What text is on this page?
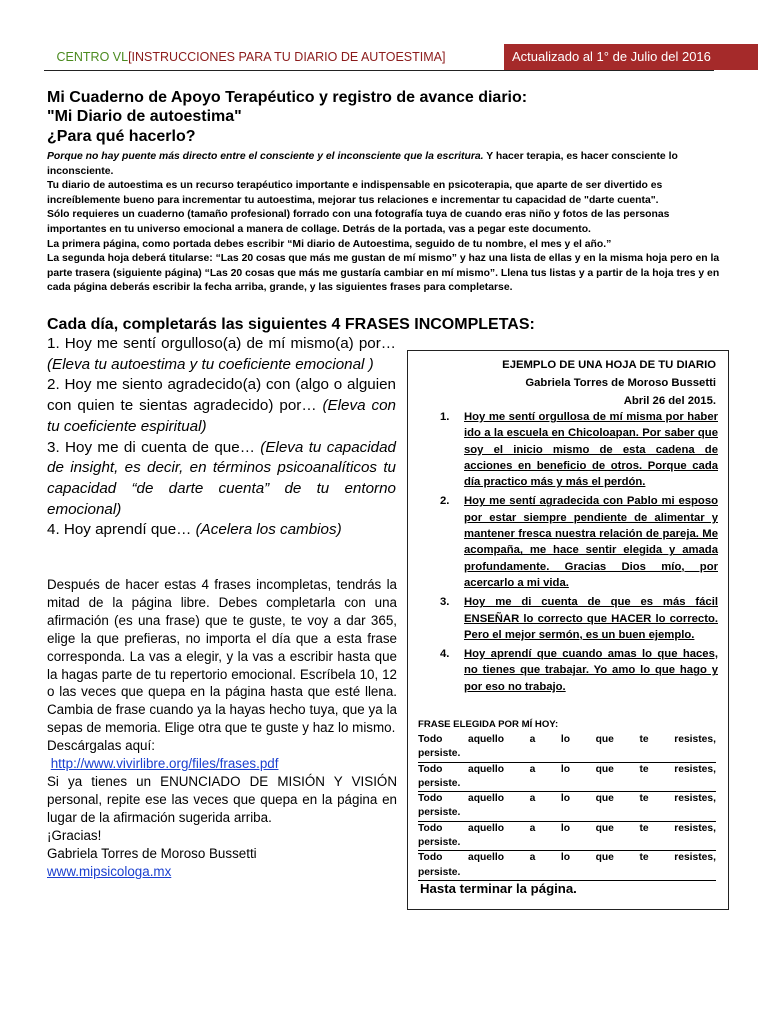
CENTRO VL[INSTRUCCIONES PARA TU DIARIO DE AUTOESTIMA]	Actualizado al 1° de Julio del 2016
Mi Cuaderno de Apoyo Terapéutico y registro de avance diario:
"Mi Diario de autoestima"
¿Para qué hacerlo?

Porque no hay puente más directo entre el consciente y el inconsciente que la escritura. Y hacer terapia, es hacer consciente lo inconsciente.

Tu diario de autoestima es un recurso terapéutico importante e indispensable en psicoterapia, que aparte de ser divertido es increíblemente bueno para incrementar tu autoestima, mejorar tus relaciones e incrementar tu capacidad de "darte cuenta".

Sólo requieres un cuaderno (tamaño profesional) forrado con una fotografía tuya de cuando eras niño y fotos de las personas importantes en tu universo emocional a manera de collage. Detrás de la portada, vas a pegar este documento.

La primera página, como portada debes escribir “Mi diario de Autoestima, seguido de tu nombre, el mes y el año.”

La segunda hoja deberá titularse: “Las 20 cosas que más me gustan de mí mismo” y haz una lista de ellas y en la misma hoja pero en la parte trasera (siguiente página) “Las 20 cosas que más me gustaría cambiar en mí mismo”. Llena tus listas y a partir de la hoja tres y en cada página deberás escribir la fecha arriba, grande, y las siguientes frases para completarse.

Cada día, completarás las siguientes 4 FRASES INCOMPLETAS:

1. Hoy me sentí orgulloso(a) de mí mismo(a) por… (Eleva tu autoestima y tu coeficiente emocional )

2. Hoy me siento agradecido(a) con (algo o alguien con quien te sientas agradecido) por… (Eleva con tu coeficiente espiritual)

3. Hoy me di cuenta de que… (Eleva tu capacidad de insight, es decir, en términos psicoanalíticos tu capacidad “de darte cuenta” de tu entorno emocional)

4. Hoy aprendí que… (Acelera los cambios)

Después de hacer estas 4 frases incompletas, tendrás la mitad de la página libre. Debes completarla con una afirmación (es una frase) que te guste, te voy a dar 365, elige la que prefieras, no importa el día que a esta frase corresponda. La vas a elegir, y la vas a escribir hasta que la hagas parte de tu repertorio emocional. Escríbela 10, 12 o las veces que quepa en la página hasta que esté llena. Cambia de frase cuando ya la hayas hecho tuya, que ya la sepas de memoria. Elige otra que te guste y haz lo mismo.

Descárgalas aquí:

http://www.vivirlibre.org/files/frases.pdf

Si ya tienes un ENUNCIADO DE MISIÓN Y VISIÓN personal, repite ese las veces que quepa en la página en lugar de la afirmación sugerida arriba.

¡Gracias!

Gabriela Torres de Moroso Bussetti

www.mipsicologa.mx

EJEMPLO DE UNA HOJA DE TU DIARIO
Gabriela Torres de Moroso Bussetti
Abril 26 del 2015.
1. Hoy me sentí orgullosa de mí misma por haber ido a la escuela en Chicoloapan. Por saber que soy el inicio mismo de esta cadena de acciones en beneficio de otros. Porque cada día practico más y más el perdón.
2. Hoy me sentí agradecida con Pablo mi esposo por estar siempre pendiente de alimentar y mantener fresca nuestra relación de pareja. Me acompaña, me hace sentir elegida y amada profundamente. Gracias Dios mío, por acercarlo a mi vida.
3. Hoy me di cuenta de que es más fácil ENSEÑAR lo correcto que HACER lo correcto. Pero el mejor sermón, es un buen ejemplo.
4. Hoy aprendí que cuando amas lo que haces, no tienes que trabajar. Yo amo lo que hago y por eso no trabajo.
FRASE ELEGIDA POR MÍ HOY:
Todo aquello a lo que te resistes,
persiste.
Todo aquello a lo que te resistes,
persiste.
Todo aquello a lo que te resistes,
persiste.
Todo aquello a lo que te resistes,
persiste.
Todo aquello a lo que te resistes,
persiste.
Hasta terminar la página.
